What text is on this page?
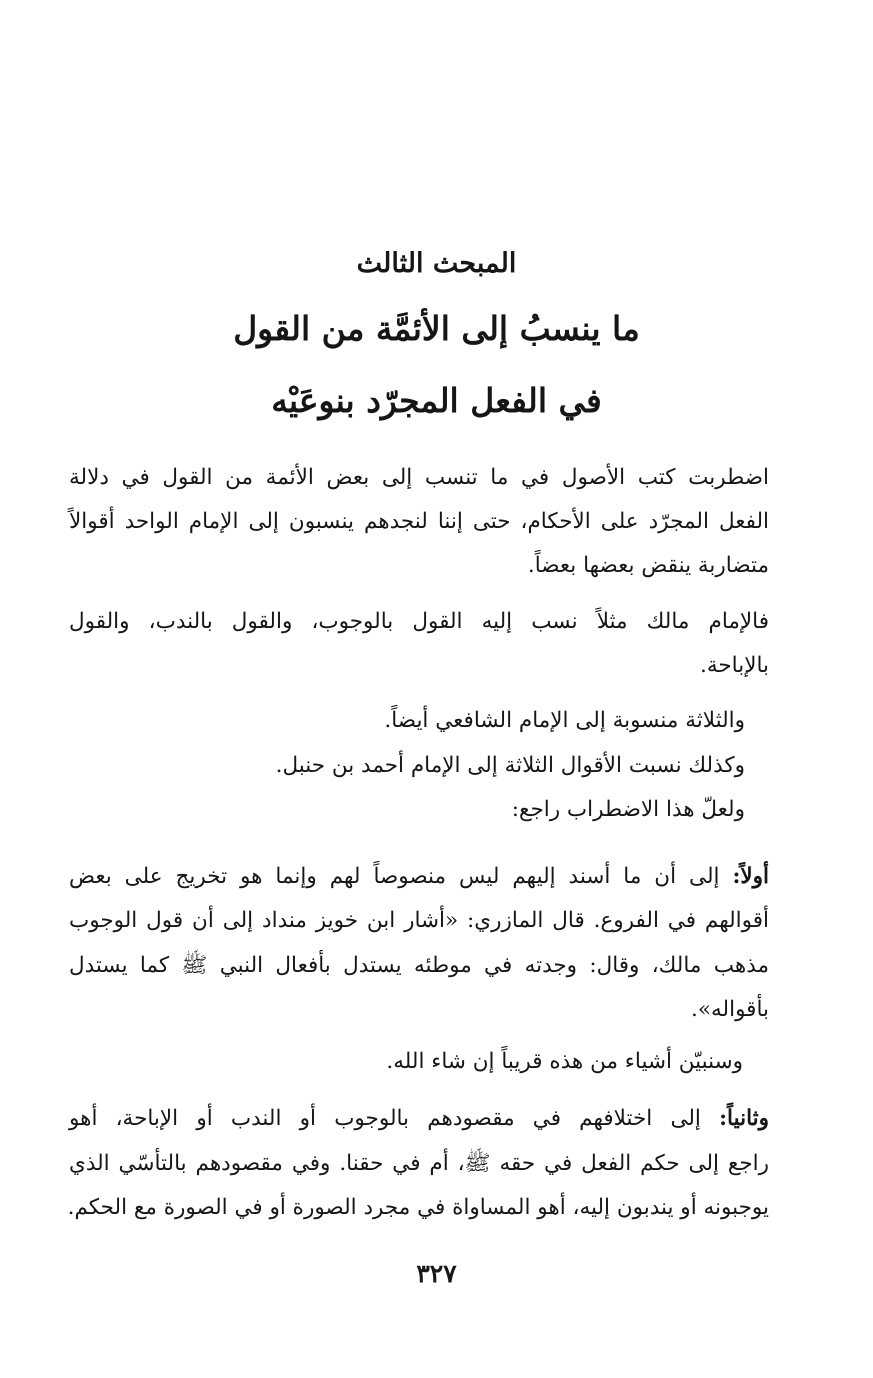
المبحث الثالث
ما ينسبُ إلى الأئمَّة من القول
في الفعل المجرّد بنوعَيْه
اضطربت كتب الأصول في ما تنسب إلى بعض الأئمة من القول في دلالة
الفعل المجرّد على الأحكام، حتى إننا لنجدهم ينسبون إلى الإمام الواحد أقوالاً
متضاربة ينقض بعضها بعضاً.
فالإمام مالك مثلاً نسب إليه القول بالوجوب، والقول بالندب، والقول
بالإباحة.
والثلاثة منسوبة إلى الإمام الشافعي أيضاً.
وكذلك نسبت الأقوال الثلاثة إلى الإمام أحمد بن حنبل.
ولعلّ هذا الاضطراب راجع:
أولاً: إلى أن ما أسند إليهم ليس منصوصاً لهم وإنما هو تخريج على بعض
أقوالهم في الفروع. قال المازري: «أشار ابن خويز منداد إلى أن قول الوجوب
مذهب مالك، وقال: وجدته في موطئه يستدل بأفعال النبي ﷺ كما يستدل
بأقواله».
وسنبيّن أشياء من هذه قريباً إن شاء الله.
وثانياً: إلى اختلافهم في مقصودهم بالوجوب أو الندب أو الإباحة، أهو
راجع إلى حكم الفعل في حقه ﷺ، أم في حقنا. وفي مقصودهم بالتأسّي الذي
يوجبونه أو يندبون إليه، أهو المساواة في مجرد الصورة أو في الصورة مع الحكم.
٣٢٧
